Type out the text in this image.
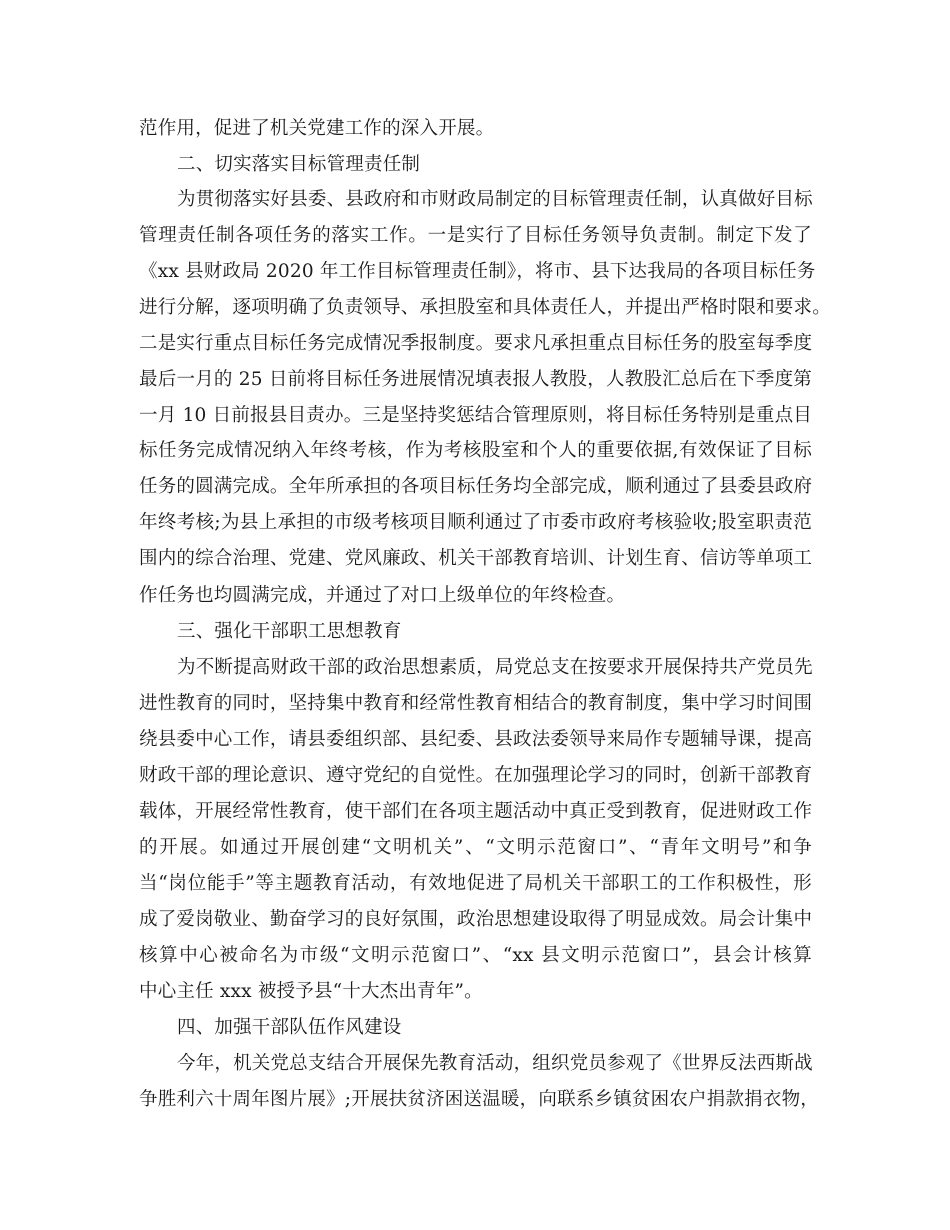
范作用，促进了机关党建工作的深入开展。
二、切实落实目标管理责任制
为贯彻落实好县委、县政府和市财政局制定的目标管理责任制，认真做好目标
管理责任制各项任务的落实工作。一是实行了目标任务领导负责制。制定下发了
《xx 县财政局 2020 年工作目标管理责任制》，将市、县下达我局的各项目标任务
进行分解，逐项明确了负责领导、承担股室和具体责任人，并提出严格时限和要求。
二是实行重点目标任务完成情况季报制度。要求凡承担重点目标任务的股室每季度
最后一月的 25 日前将目标任务进展情况填表报人教股，人教股汇总后在下季度第
一月 10 日前报县目责办。三是坚持奖惩结合管理原则，将目标任务特别是重点目
标任务完成情况纳入年终考核，作为考核股室和个人的重要依据,有效保证了目标
任务的圆满完成。全年所承担的各项目标任务均全部完成，顺利通过了县委县政府
年终考核;为县上承担的市级考核项目顺利通过了市委市政府考核验收;股室职责范
围内的综合治理、党建、党风廉政、机关干部教育培训、计划生育、信访等单项工
作任务也均圆满完成，并通过了对口上级单位的年终检查。
三、强化干部职工思想教育
为不断提高财政干部的政治思想素质，局党总支在按要求开展保持共产党员先
进性教育的同时，坚持集中教育和经常性教育相结合的教育制度，集中学习时间围
绕县委中心工作，请县委组织部、县纪委、县政法委领导来局作专题辅导课，提高
财政干部的理论意识、遵守党纪的自觉性。在加强理论学习的同时，创新干部教育
载体，开展经常性教育，使干部们在各项主题活动中真正受到教育，促进财政工作
的开展。如通过开展创建“文明机关”、“文明示范窗口”、“青年文明号”和争
当“岗位能手”等主题教育活动，有效地促进了局机关干部职工的工作积极性，形
成了爱岗敬业、勤奋学习的良好氛围，政治思想建设取得了明显成效。局会计集中
核算中心被命名为市级“文明示范窗口”、“xx 县文明示范窗口”，县会计核算
中心主任 xxx 被授予县“十大杰出青年”。
四、加强干部队伍作风建设
今年，机关党总支结合开展保先教育活动，组织党员参观了《世界反法西斯战
争胜利六十周年图片展》;开展扶贫济困送温暖，向联系乡镇贫困农户捐款捐衣物，
